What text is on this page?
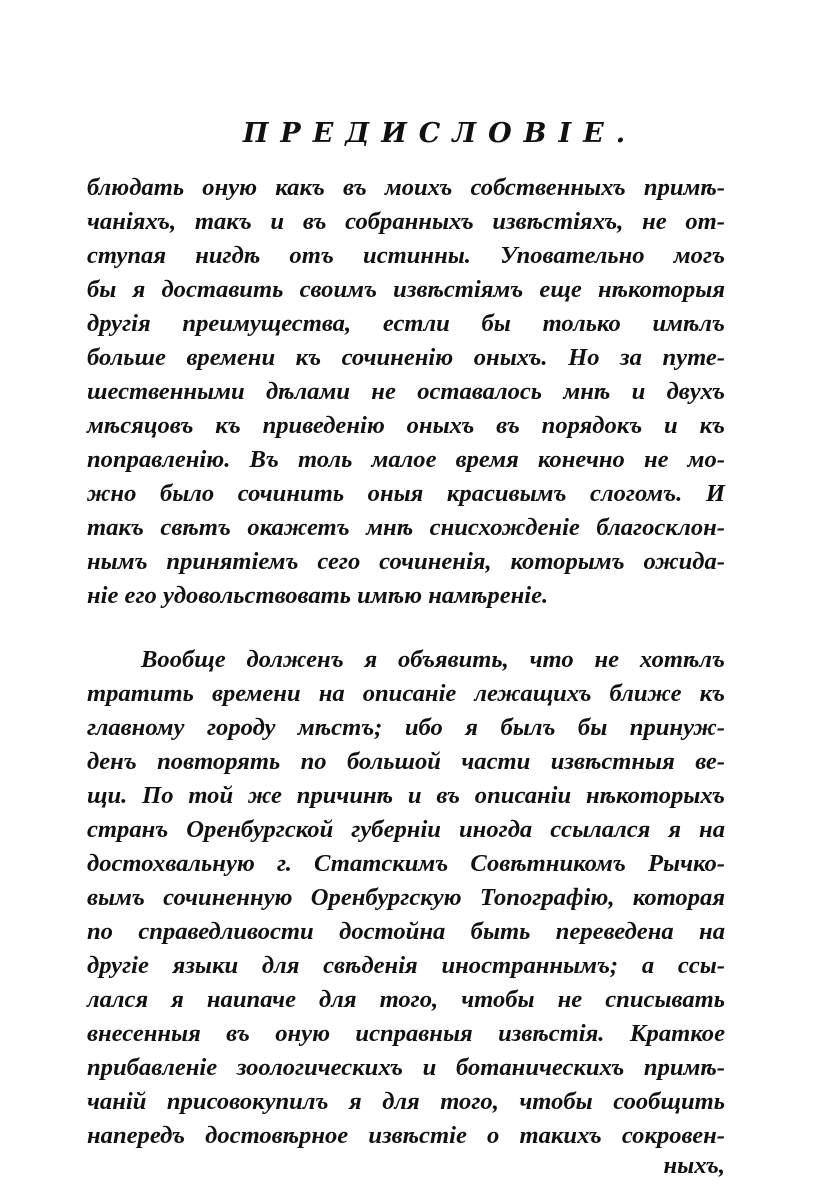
ПРЕДИСЛОВІЕ.
блюдать оную какъ въ моихъ собственныхъ примѣ-
чаніяхъ, такъ и въ собранныхъ извѣстіяхъ, не от-
ступая нигдѣ отъ истинны. Уповательно могъ
бы я доставить своимъ извѣстіямъ еще нѣкоторыя
другія преимущества, естли бы только имѣлъ
больше времени къ сочиненію оныхъ. Но за путе-
шественными дѣлами не оставалось мнѣ и двухъ
мѣсяцовъ къ приведенію оныхъ въ порядокъ и къ
поправленію. Въ толь малое время конечно не мо-
жно было сочинить оныя красивымъ слогомъ. И
такъ свѣтъ окажетъ мнѣ снисхожденіе благосклон-
нымъ принятіемъ сего сочиненія, которымъ ожида-
ніе его удовольствовать имѣю намѣреніе.
Вообще долженъ я объявить, что не хотѣлъ
тратить времени на описаніе лежащихъ ближе къ
главному городу мѣстъ; ибо я былъ бы принуж-
денъ повторять по большой части извѣстныя ве-
щи. По той же причинѣ и въ описаніи нѣкоторыхъ
странъ Оренбургской губерніи иногда ссылался я на
достохвальную г. Статскимъ Совѣтникомъ Рычко-
вымъ сочиненную Оренбургскую Топографію, которая
по справедливости достойна быть переведена на
другіе языки для свѣденія иностраннымъ; а ссы-
лался я наипаче для того, чтобы не списывать
внесенныя въ оную исправныя извѣстія. Краткое
прибавленіе зоологическихъ и ботаническихъ примѣ-
чаній присовокупилъ я для того, чтобы сообщить
напередъ достовѣрное извѣстіе о такихъ сокровен-
ныхъ,
